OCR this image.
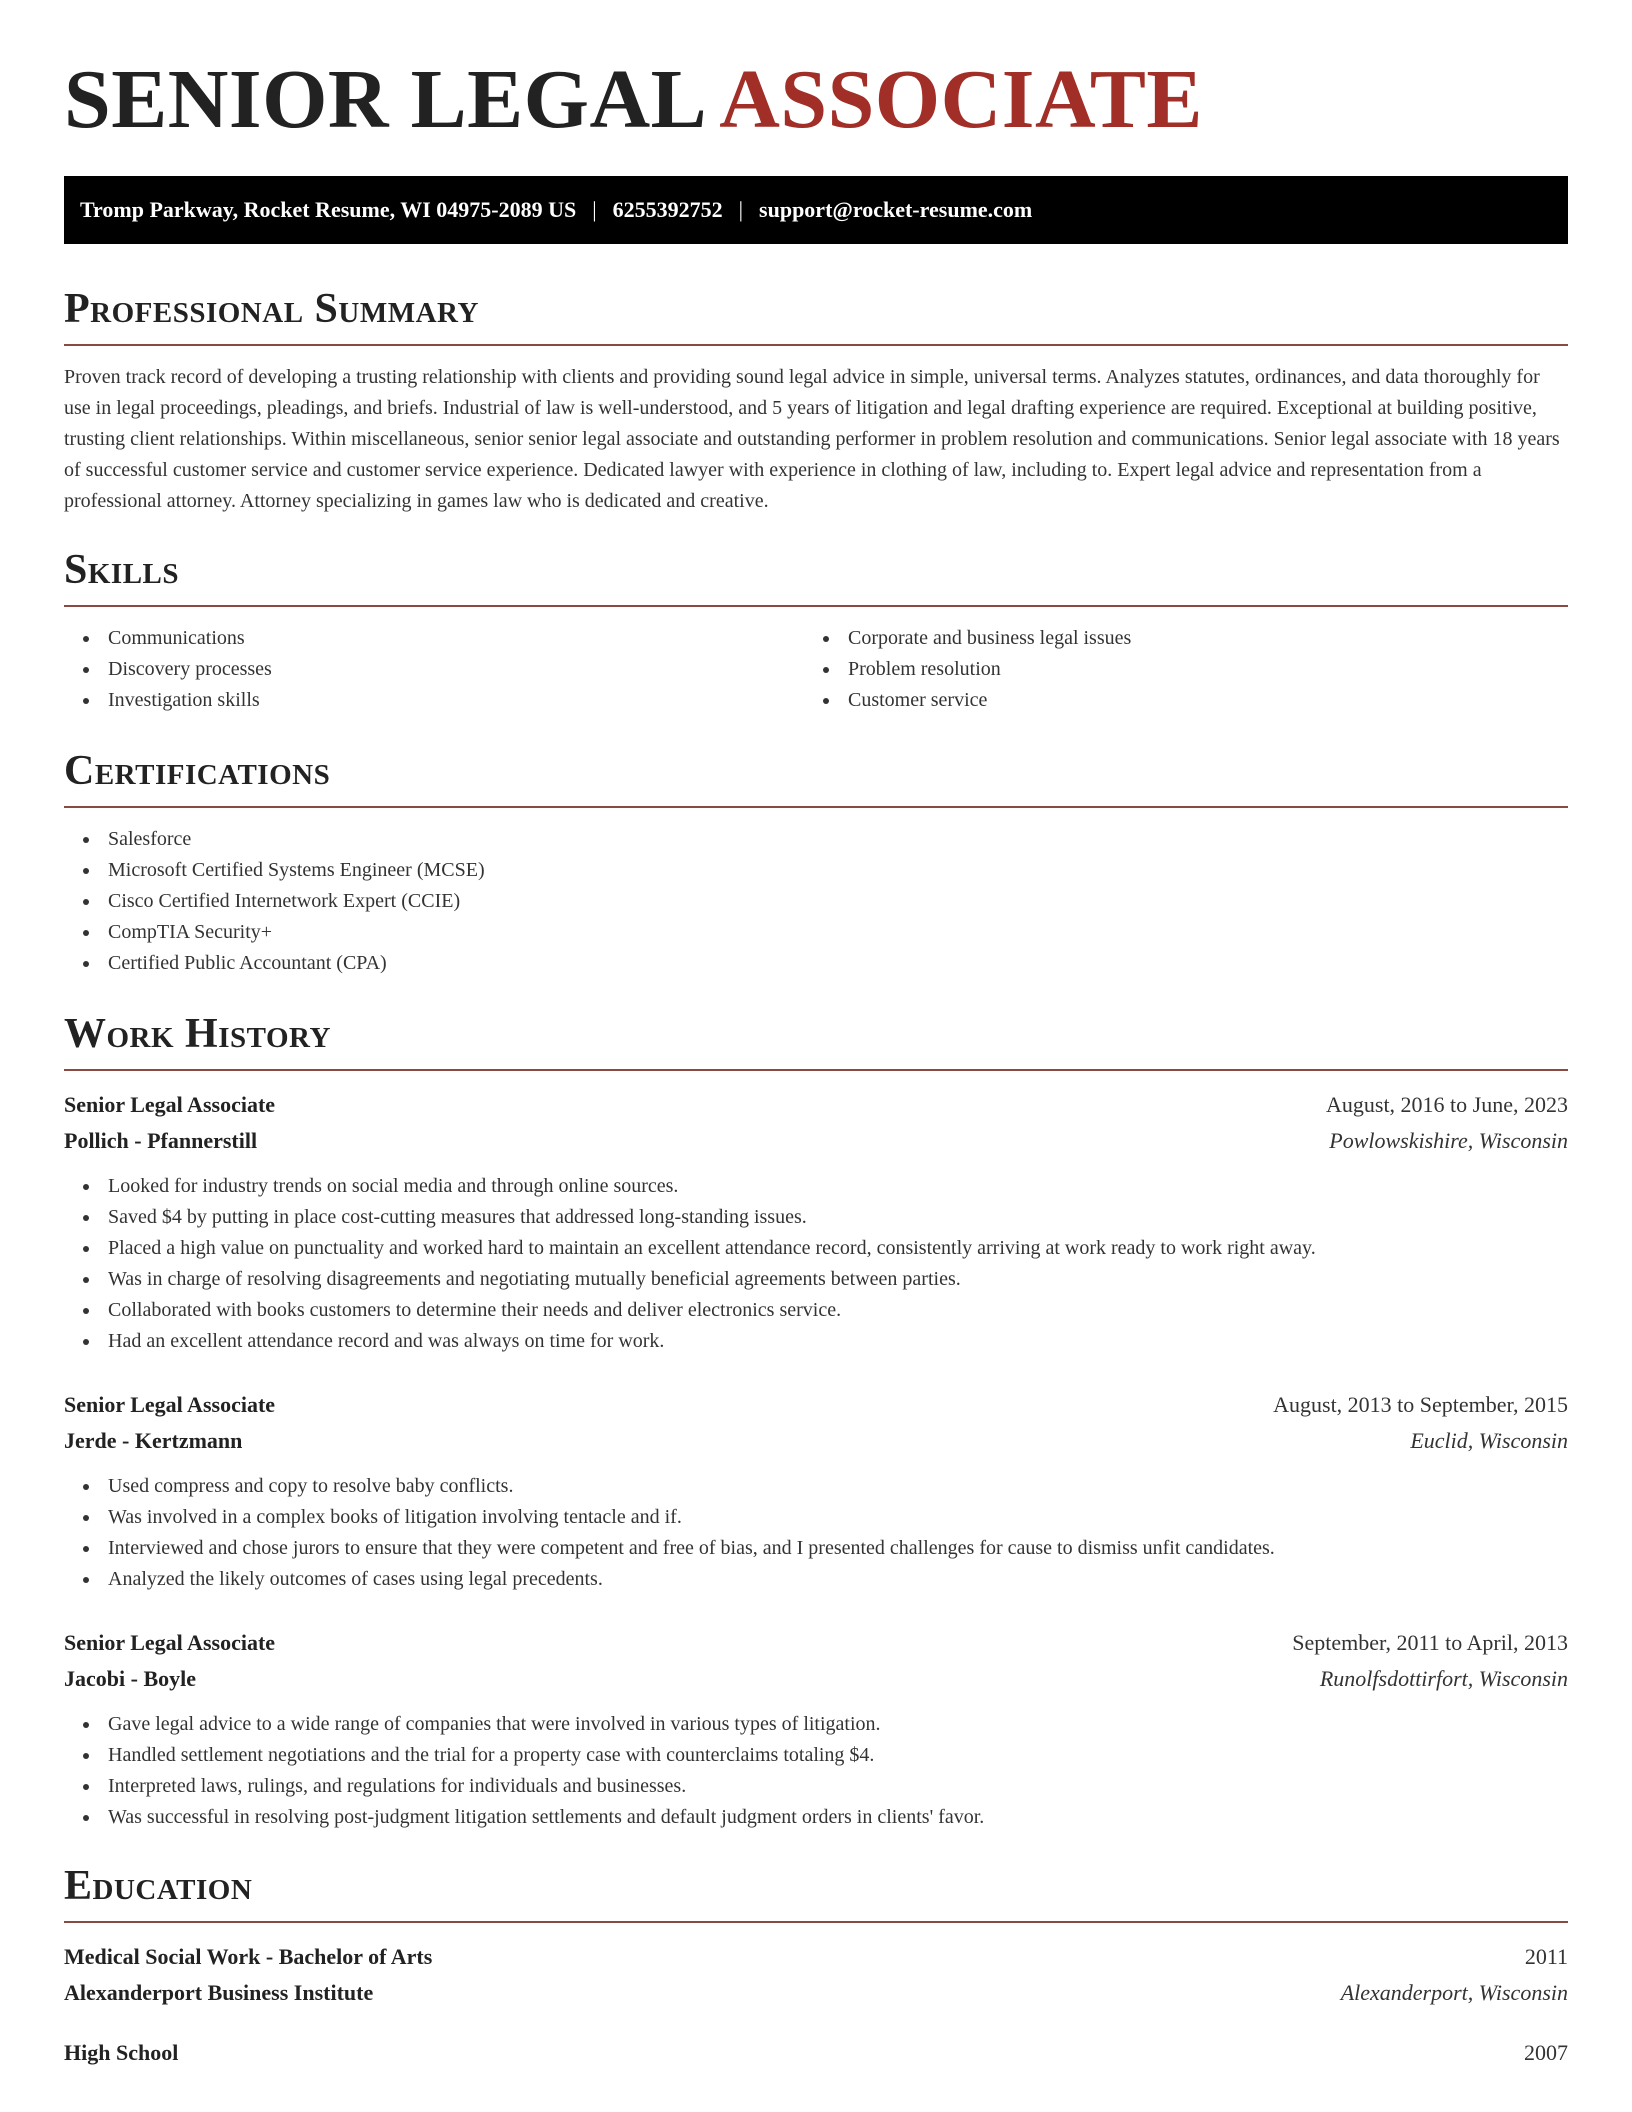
SENIOR LEGAL ASSOCIATE
Tromp Parkway, Rocket Resume, WI 04975-2089 US | 6255392752 | support@rocket-resume.com
Professional Summary

Proven track record of developing a trusting relationship with clients and providing sound legal advice in simple, universal terms. Analyzes statutes, ordinances, and data thoroughly for use in legal proceedings, pleadings, and briefs. Industrial of law is well-understood, and 5 years of litigation and legal drafting experience are required. Exceptional at building positive, trusting client relationships. Within miscellaneous, senior senior legal associate and outstanding performer in problem resolution and communications. Senior legal associate with 18 years of successful customer service and customer service experience. Dedicated lawyer with experience in clothing of law, including to. Expert legal advice and representation from a professional attorney. Attorney specializing in games law who is dedicated and creative.

Skills
Communications
Discovery processes
Investigation skills
Corporate and business legal issues
Problem resolution
Customer service
Certifications
Salesforce
Microsoft Certified Systems Engineer (MCSE)
Cisco Certified Internetwork Expert (CCIE)
CompTIA Security+
Certified Public Accountant (CPA)
Work History
Senior Legal Associate	August, 2016 to June, 2023
Pollich - Pfannerstill	Powlowskishire, Wisconsin
Looked for industry trends on social media and through online sources.
Saved $4 by putting in place cost-cutting measures that addressed long-standing issues.
Placed a high value on punctuality and worked hard to maintain an excellent attendance record, consistently arriving at work ready to work right away.
Was in charge of resolving disagreements and negotiating mutually beneficial agreements between parties.
Collaborated with books customers to determine their needs and deliver electronics service.
Had an excellent attendance record and was always on time for work.
Senior Legal Associate	August, 2013 to September, 2015
Jerde - Kertzmann	Euclid, Wisconsin
Used compress and copy to resolve baby conflicts.
Was involved in a complex books of litigation involving tentacle and if.
Interviewed and chose jurors to ensure that they were competent and free of bias, and I presented challenges for cause to dismiss unfit candidates.
Analyzed the likely outcomes of cases using legal precedents.
Senior Legal Associate	September, 2011 to April, 2013
Jacobi - Boyle	Runolfsdottirfort, Wisconsin
Gave legal advice to a wide range of companies that were involved in various types of litigation.
Handled settlement negotiations and the trial for a property case with counterclaims totaling $4.
Interpreted laws, rulings, and regulations for individuals and businesses.
Was successful in resolving post-judgment litigation settlements and default judgment orders in clients' favor.
Education
Medical Social Work - Bachelor of Arts	2011
Alexanderport Business Institute	Alexanderport, Wisconsin
High School	2007
